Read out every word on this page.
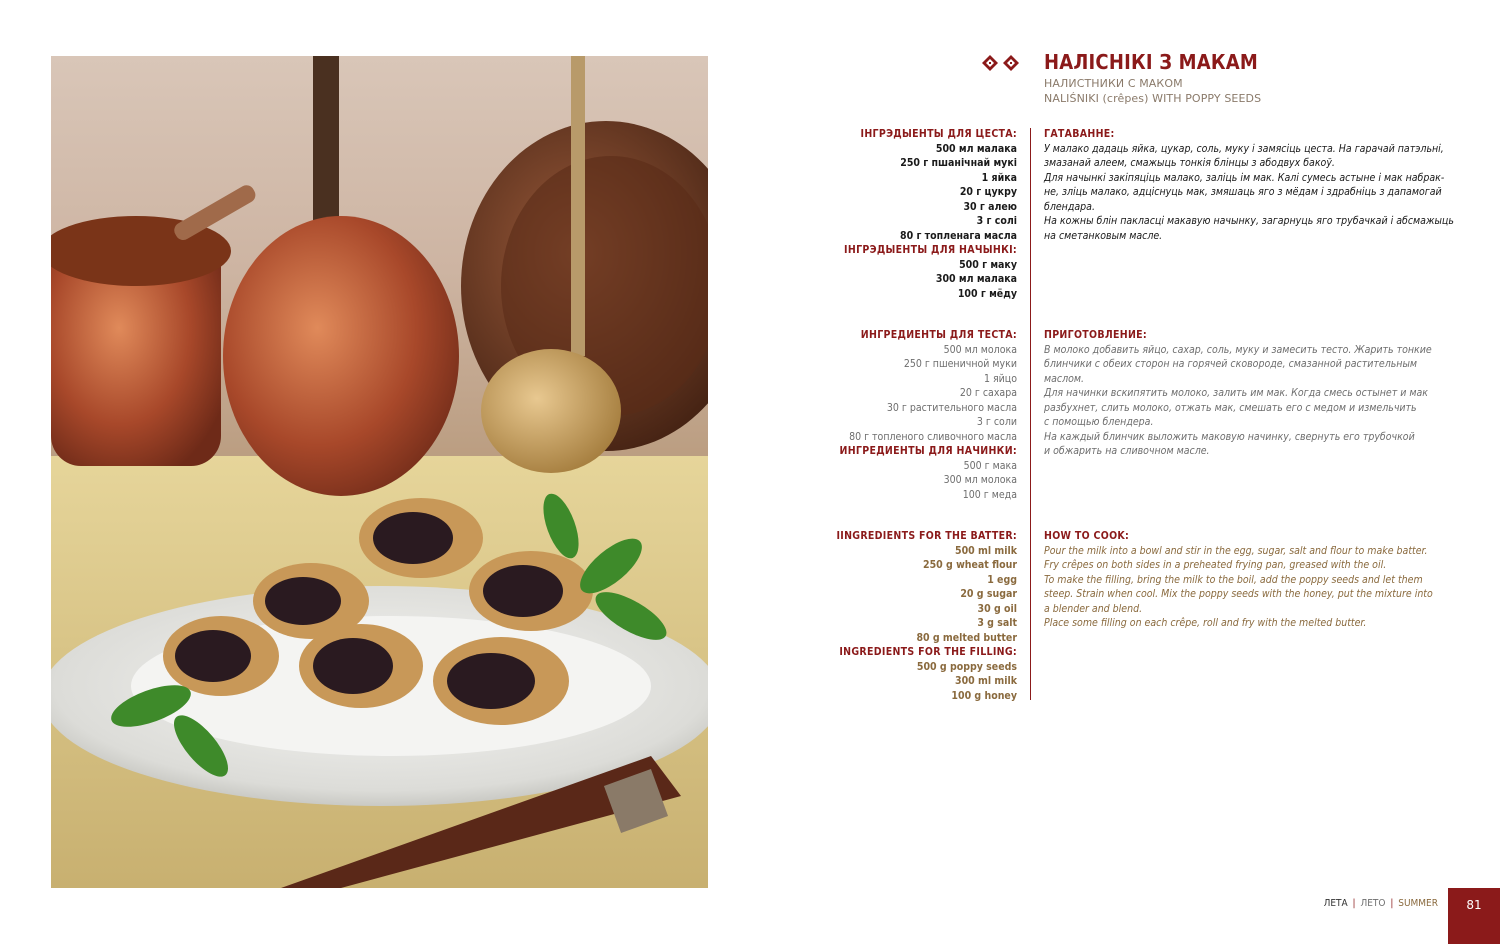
НАЛІСНІКІ З МАКАМ
НАЛИСТНИКИ С МАКОМ
NALIŚNIKI (crêpes) WITH POPPY SEEDS
ІНГРЭДЫЕНТЫ ДЛЯ ЦЕСТА:
500 мл малака
250 г пшанічнай мукі
1 яйка
20 г цукру
30 г алею
3 г солі
80 г топленага масла
ІНГРЭДЫЕНТЫ ДЛЯ НАЧЫНКІ:
500 г маку
300 мл малака
100 г мёду
ГАТАВАННЕ:
У малако дадаць яйка, цукар, соль, муку і замясіць цеста. На гарачай патэльні,
змазанай алеем, смажыць тонкія блінцы з абодвух бакоў.
Для начынкі закіпяціць малако, заліць ім мак. Калі сумесь астыне і мак набрак-
не, зліць малако, адціснуць мак, змяшаць яго з мёдам і здрабніць з дапамогай
блендара.
На кожны блін пакласці макавую начынку, загарнуць яго трубачкай і абсмажыць
на сметанковым масле.
ИНГРЕДИЕНТЫ ДЛЯ ТЕСТА:
500 мл молока
250 г пшеничной муки
1 яйцо
20 г сахара
30 г растительного масла
3 г соли
80 г топленого сливочного масла
ИНГРЕДИЕНТЫ ДЛЯ НАЧИНКИ:
500 г мака
300 мл молока
100 г меда
ПРИГОТОВЛЕНИЕ:
В молоко добавить яйцо, сахар, соль, муку и замесить тесто. Жарить тонкие
блинчики с обеих сторон на горячей сковороде, смазанной растительным
маслом.
Для начинки вскипятить молоко, залить им мак. Когда смесь остынет и мак
разбухнет, слить молоко, отжать мак, смешать его с медом и измельчить
с помощью блендера.
На каждый блинчик выложить маковую начинку, свернуть его трубочкой
и обжарить на сливочном масле.
IINGREDIENTS FOR THE BATTER:
500 ml milk
250 g wheat flour
1 egg
20 g sugar
30 g oil
3 g salt
80 g melted butter
INGREDIENTS FOR THE FILLING:
500 g poppy seeds
300 ml milk
100 g honey
HOW TO COOK:
Pour the milk into a bowl and stir in the egg, sugar, salt and flour to make batter.
Fry crêpes on both sides in a preheated frying pan, greased with the oil.
To make the filling, bring the milk to the boil, add the poppy seeds and let them
steep. Strain when cool. Mix the poppy seeds with the honey, put the mixture into
a blender and blend.
Place some filling on each crêpe, roll and fry with the melted butter.
ЛЕТА | ЛЕТО | SUMMER	81
